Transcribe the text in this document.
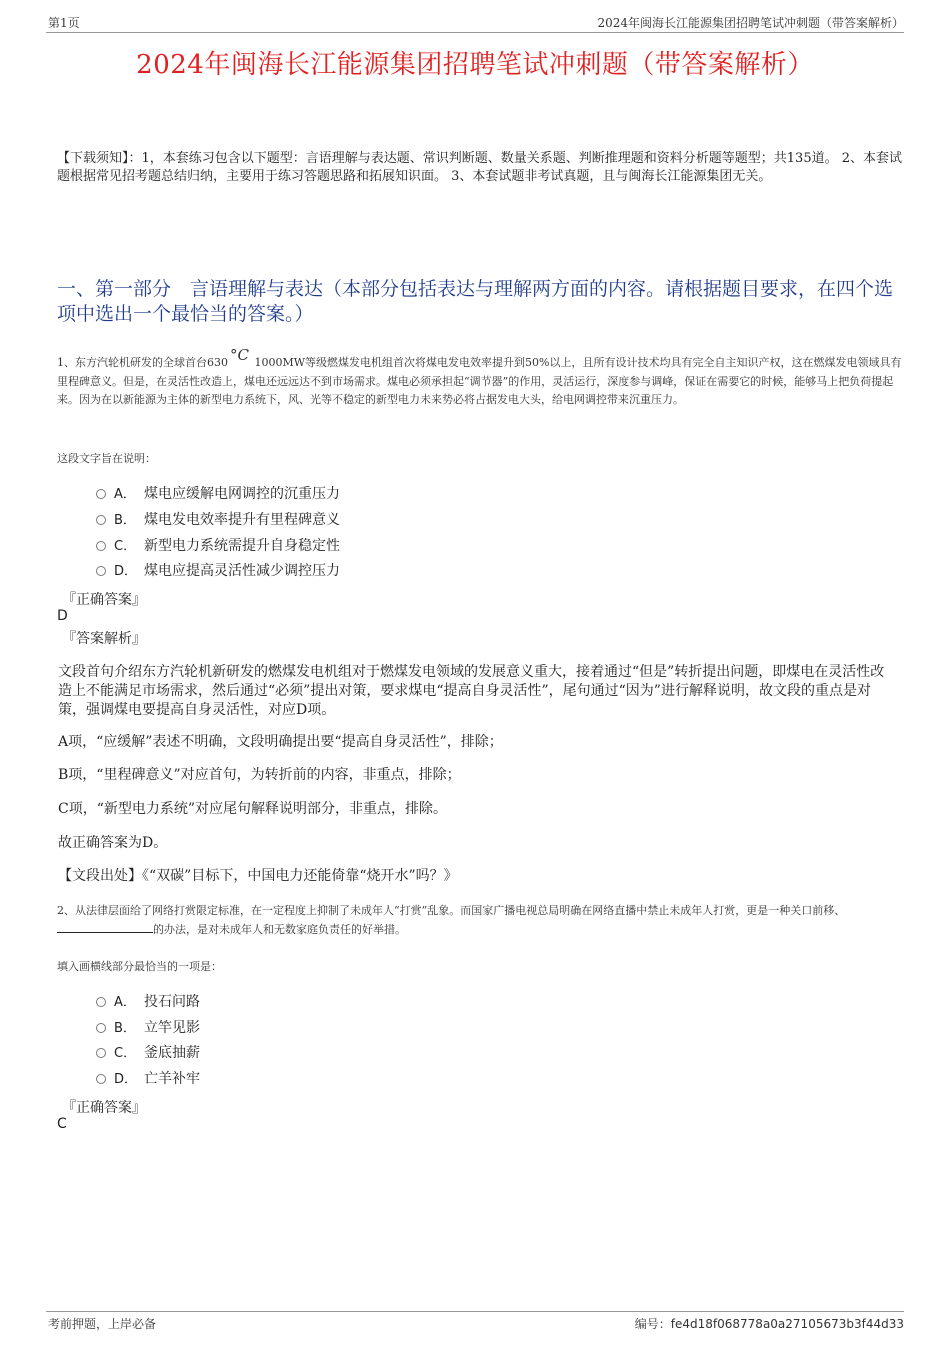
第1页	2024年闽海长江能源集团招聘笔试冲刺题（带答案解析）
2024年闽海长江能源集团招聘笔试冲刺题（带答案解析）
【下载须知】：1，本套练习包含以下题型：言语理解与表达题、常识判断题、数量关系题、判断推理题和资料分析题等题型；共135道。 2、本套试题根据常见招考题总结归纳，主要用于练习答题思路和拓展知识面。 3、本套试题非考试真题，且与闽海长江能源集团无关。
一、第一部分　言语理解与表达（本部分包括表达与理解两方面的内容。请根据题目要求，在四个选项中选出一个最恰当的答案。）
1、东方汽轮机研发的全球首台630 °C 1000MW等级燃煤发电机组首次将煤电发电效率提升到50%以上，且所有设计技术均具有完全自主知识产权，这在燃煤发电领域具有里程碑意义。但是，在灵活性改造上，煤电还远远达不到市场需求。煤电必须承担起“调节器”的作用，灵活运行，深度参与调峰，保证在需要它的时候，能够马上把负荷提起来。因为在以新能源为主体的新型电力系统下，风、光等不稳定的新型电力未来势必将占据发电大头，给电网调控带来沉重压力。
这段文字旨在说明：
A． 煤电应缓解电网调控的沉重压力
B． 煤电发电效率提升有里程碑意义
C． 新型电力系统需提升自身稳定性
D． 煤电应提高灵活性减少调控压力
『正确答案』
D
『答案解析』
文段首句介绍东方汽轮机新研发的燃煤发电机组对于燃煤发电领域的发展意义重大，接着通过“但是”转折提出问题，即煤电在灵活性改造上不能满足市场需求，然后通过“必须”提出对策，要求煤电“提高自身灵活性”，尾句通过“因为”进行解释说明，故文段的重点是对策，强调煤电要提高自身灵活性，对应D项。
A项，“应缓解”表述不明确，文段明确提出要“提高自身灵活性”，排除；
B项，“里程碑意义”对应首句，为转折前的内容，非重点，排除；
C项，“新型电力系统”对应尾句解释说明部分，非重点，排除。
故正确答案为D。
【文段出处】《“双碳”目标下，中国电力还能倚靠“烧开水”吗？》
2、从法律层面给了网络打赏限定标准，在一定程度上抑制了未成年人“打赏”乱象。而国家广播电视总局明确在网络直播中禁止未成年人打赏，更是一种关口前移、的办法，是对未成年人和无数家庭负责任的好举措。
填入画横线部分最恰当的一项是：
A． 投石问路
B． 立竿见影
C． 釜底抽薪
D． 亡羊补牢
『正确答案』
C
考前押题，上岸必备	编号：fe4d18f068778a0a27105673b3f44d33
